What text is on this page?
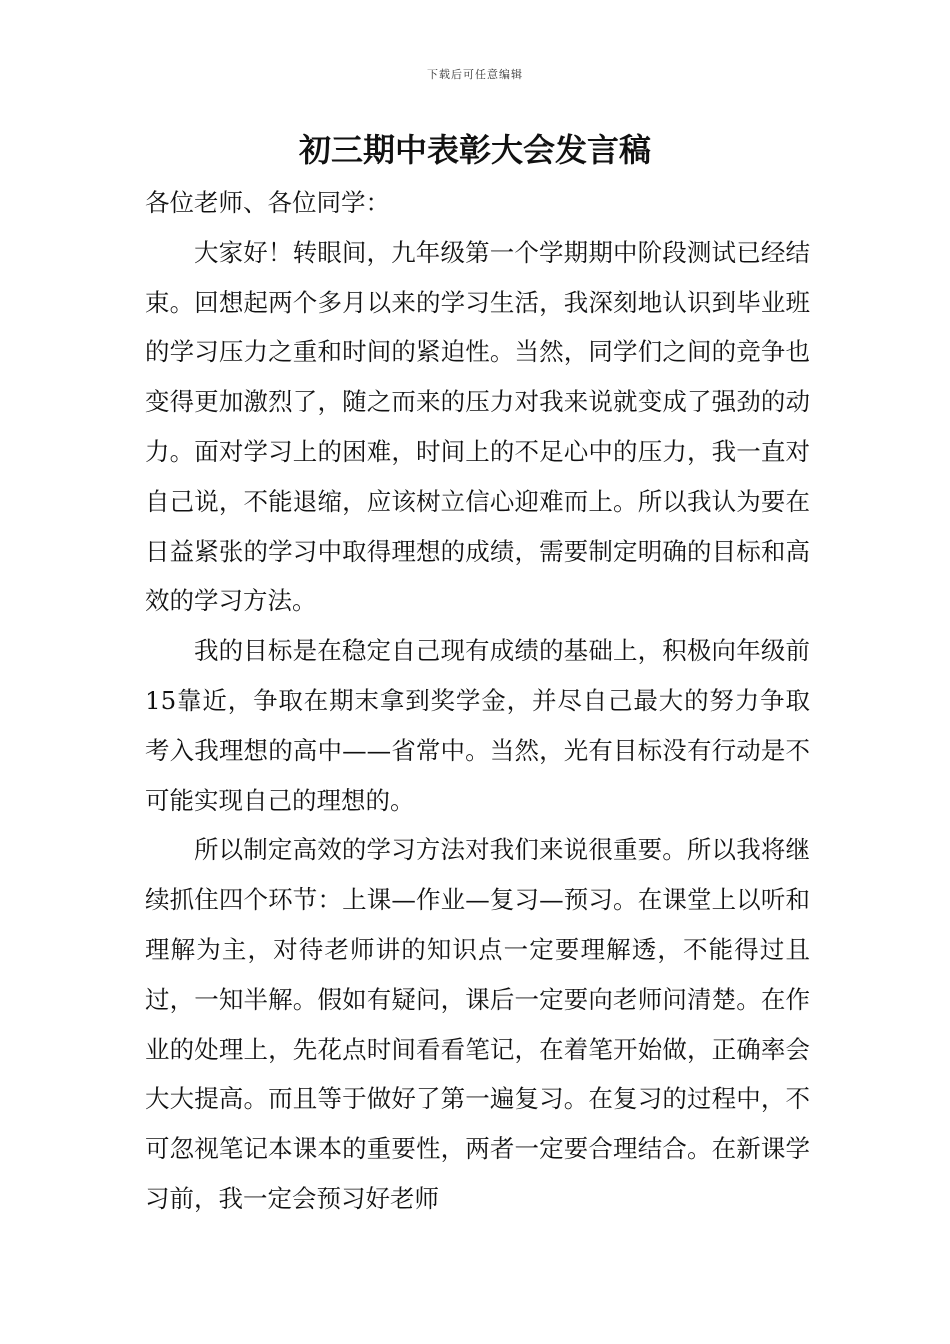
下载后可任意编辑
初三期中表彰大会发言稿

各位老师、各位同学：

大家好！转眼间，九年级第一个学期期中阶段测试已经结束。回想起两个多月以来的学习生活，我深刻地认识到毕业班的学习压力之重和时间的紧迫性。当然，同学们之间的竞争也变得更加激烈了，随之而来的压力对我来说就变成了强劲的动力。面对学习上的困难，时间上的不足心中的压力，我一直对自己说，不能退缩，应该树立信心迎难而上。所以我认为要在日益紧张的学习中取得理想的成绩，需要制定明确的目标和高效的学习方法。

我的目标是在稳定自己现有成绩的基础上，积极向年级前15靠近，争取在期末拿到奖学金，并尽自己最大的努力争取考入我理想的高中——省常中。当然，光有目标没有行动是不可能实现自己的理想的。

所以制定高效的学习方法对我们来说很重要。所以我将继续抓住四个环节：上课—作业—复习—预习。在课堂上以听和理解为主，对待老师讲的知识点一定要理解透，不能得过且过，一知半解。假如有疑问，课后一定要向老师问清楚。在作业的处理上，先花点时间看看笔记，在着笔开始做，正确率会大大提高。而且等于做好了第一遍复习。在复习的过程中，不可忽视笔记本课本的重要性，两者一定要合理结合。在新课学习前，我一定会预习好老师
